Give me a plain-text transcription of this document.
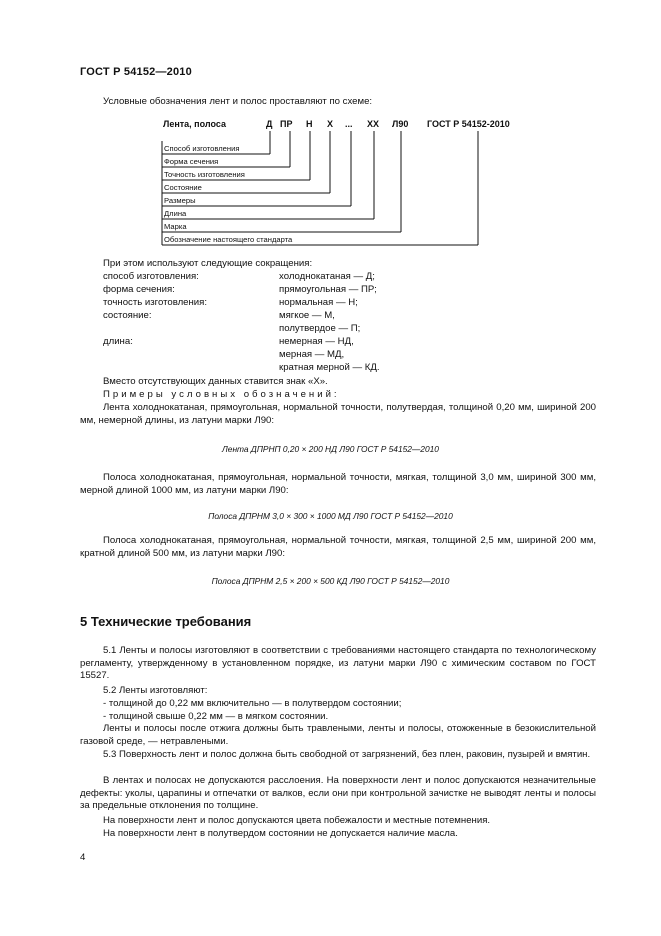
ГОСТ Р 54152—2010
Условные обозначения лент и полос проставляют по схеме:
Лента, полоса	Д ПР Н Х ... ХХ Л90 ГОСТ Р 54152-2010
Способ изготовления
Форма сечения
Точность изготовления
Состояние
Размеры
Длина
Марка
Обозначение настоящего стандарта
При этом используют следующие сокращения:
способ изготовления:	холоднокатаная — Д;
форма сечения:	прямоугольная — ПР;
точность изготовления:	нормальная — Н;
состояние:	мягкое — М,
полутвердое — П;
длина:	немерная — НД,
мерная — МД,
кратная мерной — КД.
Вместо отсутствующих данных ставится знак «Х».
Примеры условных обозначений:
Лента холоднокатаная, прямоугольная, нормальной точности, полутвердая, толщиной 0,20 мм, шириной 200 мм, немерной длины, из латуни марки Л90:
Лента ДПРНП 0,20 × 200 НД Л90 ГОСТ Р 54152—2010
Полоса холоднокатаная, прямоугольная, нормальной точности, мягкая, толщиной 3,0 мм, шириной 300 мм, мерной длиной 1000 мм, из латуни марки Л90:
Полоса ДПРНМ 3,0 × 300 × 1000 МД Л90 ГОСТ Р 54152—2010
Полоса холоднокатаная, прямоугольная, нормальной точности, мягкая, толщиной 2,5 мм, шириной 200 мм, кратной длиной 500 мм, из латуни марки Л90:
Полоса ДПРНМ 2,5 × 200 × 500 КД Л90 ГОСТ Р 54152—2010
5 Технические требования
5.1 Ленты и полосы изготовляют в соответствии с требованиями настоящего стандарта по технологическому регламенту, утвержденному в установленном порядке, из латуни марки Л90 с химическим составом по ГОСТ 15527.
5.2 Ленты изготовляют:
- толщиной до 0,22 мм включительно — в полутвердом состоянии;
- толщиной свыше 0,22 мм — в мягком состоянии.
Ленты и полосы после отжига должны быть травлеными, ленты и полосы, отожженные в безокислительной газовой среде, — нетравлеными.
5.3 Поверхность лент и полос должна быть свободной от загрязнений, без плен, раковин, пузырей и вмятин.
В лентах и полосах не допускаются расслоения. На поверхности лент и полос допускаются незначительные дефекты: уколы, царапины и отпечатки от валков, если они при контрольной зачистке не выводят ленты и полосы за предельные отклонения по толщине.
На поверхности лент и полос допускаются цвета побежалости и местные потемнения.
На поверхности лент в полутвердом состоянии не допускается наличие масла.
4
